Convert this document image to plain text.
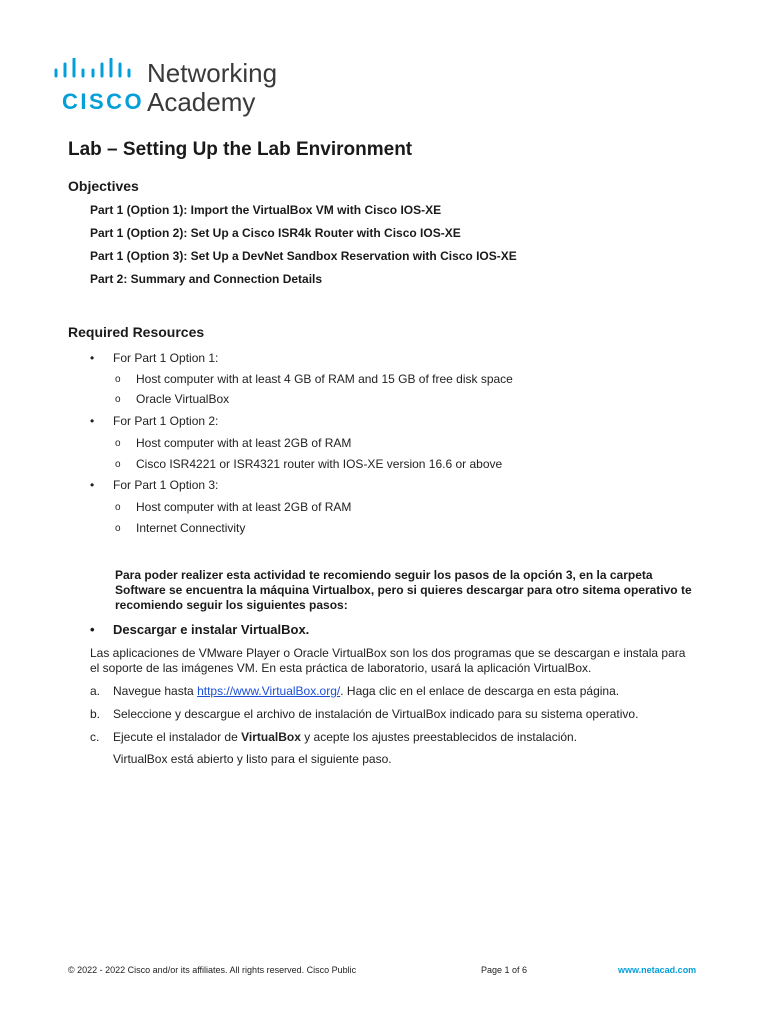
CISCO
Networking
Academy
Lab – Setting Up the Lab Environment
Objectives
Part 1 (Option 1): Import the VirtualBox VM with Cisco IOS-XE
Part 1 (Option 2): Set Up a Cisco ISR4k Router with Cisco IOS-XE
Part 1 (Option 3): Set Up a DevNet Sandbox Reservation with Cisco IOS-XE
Part 2: Summary and Connection Details
Required Resources
• For Part 1 Option 1:
o Host computer with at least 4 GB of RAM and 15 GB of free disk space
o Oracle VirtualBox
• For Part 1 Option 2:
o Host computer with at least 2GB of RAM
o Cisco ISR4221 or ISR4321 router with IOS-XE version 16.6 or above
• For Part 1 Option 3:
o Host computer with at least 2GB of RAM
o Internet Connectivity
Para poder realizer esta actividad te recomiendo seguir los pasos de la opción 3, en la carpeta Software se encuentra la máquina Virtualbox, pero si quieres descargar para otro sitema operativo te recomiendo seguir los siguientes pasos:
• Descargar e instalar VirtualBox.
Las aplicaciones de VMware Player o Oracle VirtualBox son los dos programas que se descargan e instala para el soporte de las imágenes VM. En esta práctica de laboratorio, usará la aplicación VirtualBox.
a. Navegue hasta https://www.VirtualBox.org/. Haga clic en el enlace de descarga en esta página.
b. Seleccione y descargue el archivo de instalación de VirtualBox indicado para su sistema operativo.
c. Ejecute el instalador de VirtualBox y acepte los ajustes preestablecidos de instalación.
VirtualBox está abierto y listo para el siguiente paso.
© 2022 - 2022 Cisco and/or its affiliates. All rights reserved. Cisco Public	Page 1 of 6	www.netacad.com
